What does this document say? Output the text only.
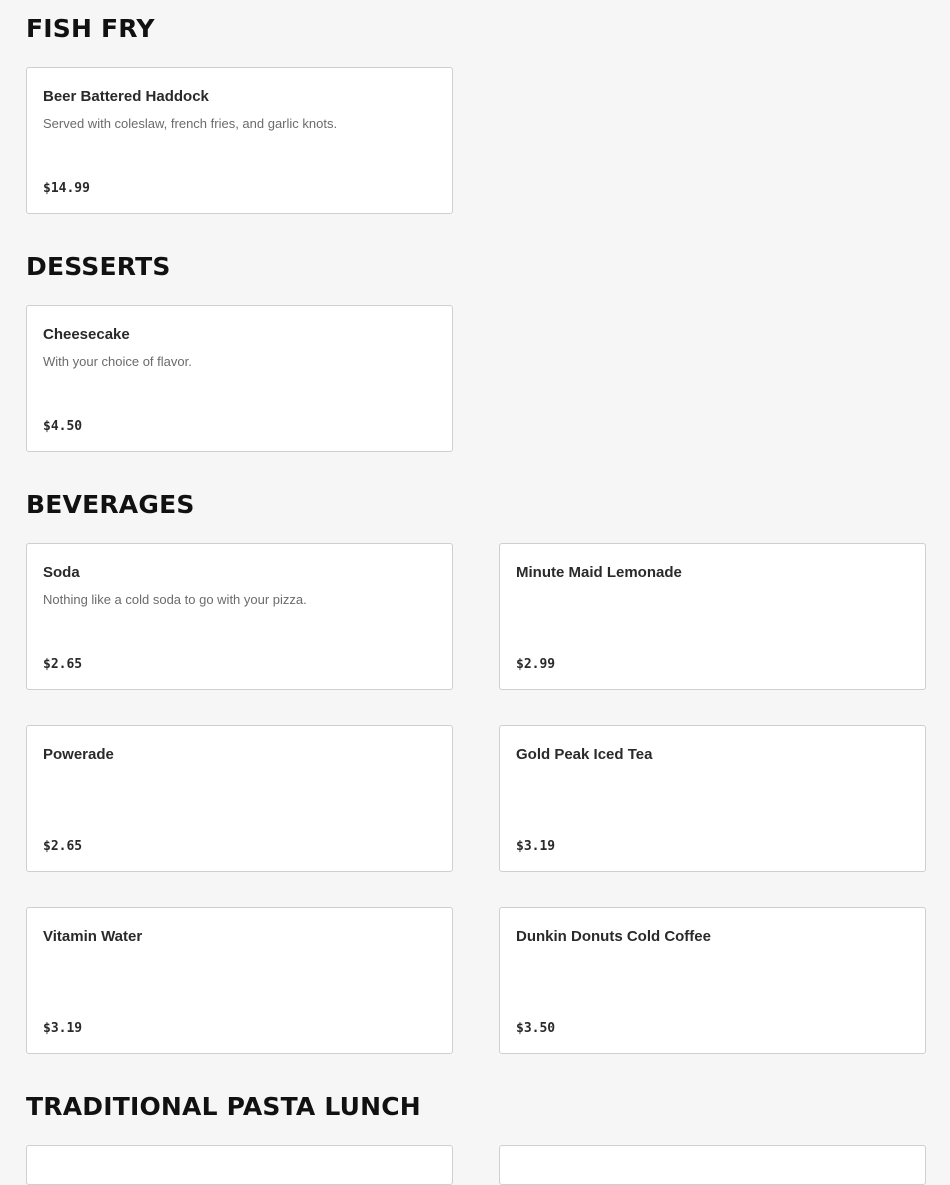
FISH FRY
Beer Battered Haddock
Served with coleslaw, french fries, and garlic knots.
$14.99
DESSERTS
Cheesecake
With your choice of flavor.
$4.50
BEVERAGES
Soda
Nothing like a cold soda to go with your pizza.
$2.65
Minute Maid Lemonade
$2.99
Powerade
$2.65
Gold Peak Iced Tea
$3.19
Vitamin Water
$3.19
Dunkin Donuts Cold Coffee
$3.50
TRADITIONAL PASTA LUNCH
